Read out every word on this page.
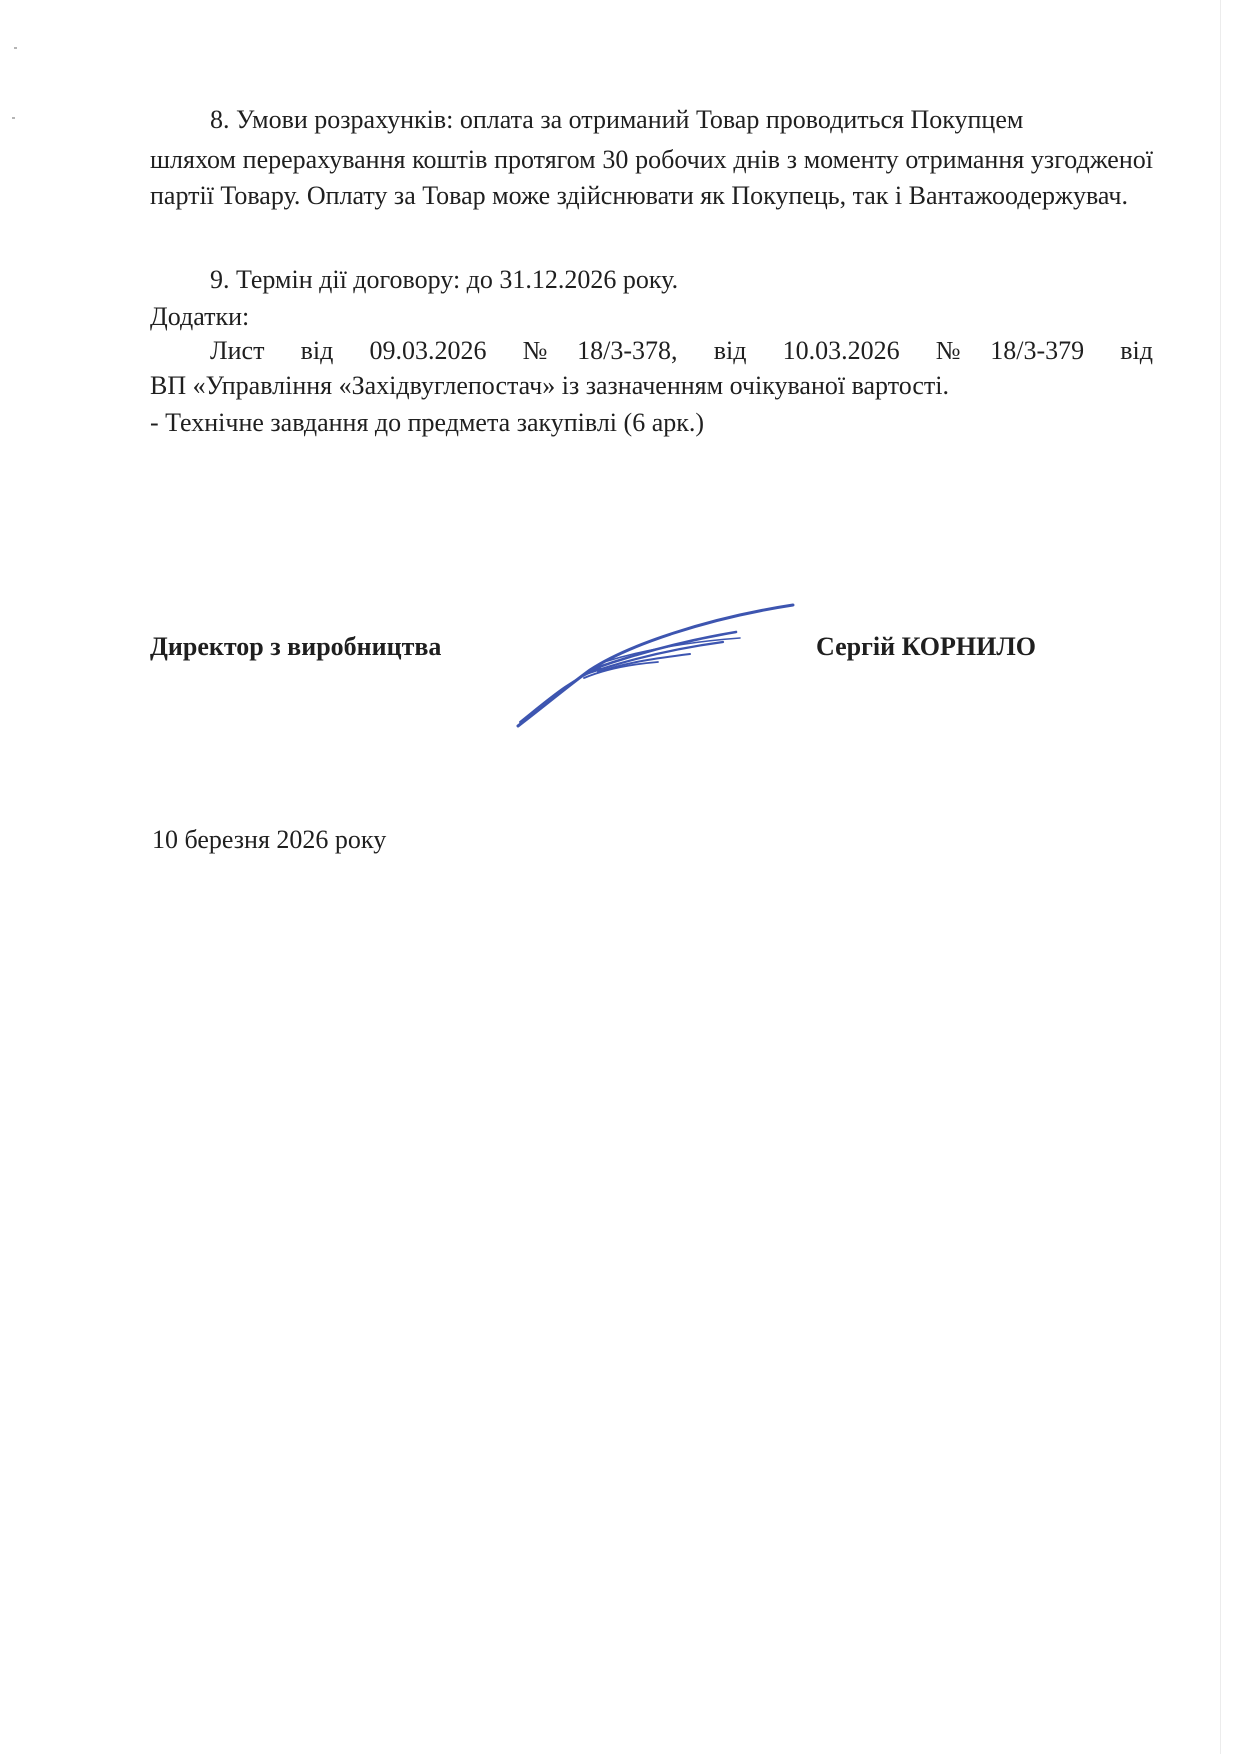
8. Умови розрахунків: оплата за отриманий Товар проводиться Покупцем
шляхом перерахування коштів протягом 30 робочих днів з моменту отримання узгодженої партії Товару. Оплату за Товар може здійснювати як Покупець, так і Вантажоодержувач.
9. Термін дії договору: до 31.12.2026 року.
Додатки:
Лист від 09.03.2026 №18/3-378, від 10.03.2026 №18/3-379 від
ВП «Управління «Західвуглепостач» із зазначенням очікуваної вартості.
- Технічне завдання до предмета закупівлі (6 арк.)
Директор з виробництва	Сергій КОРНИЛО
10 березня 2026 року
